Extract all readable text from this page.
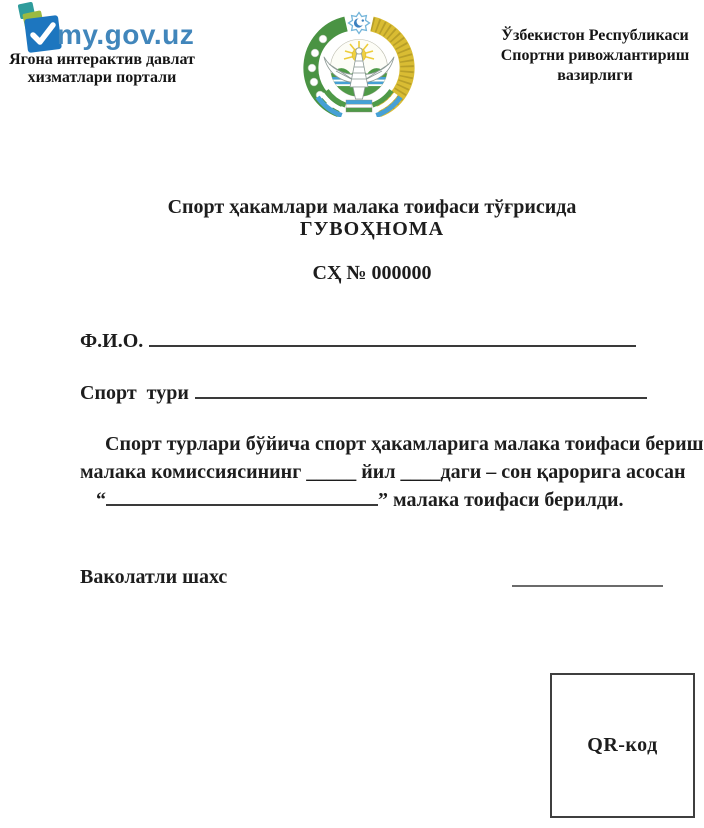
my.gov.uz
Ягона интерактив давлат
хизматлари портали
Ўзбекистон Республикаси
Спортни ривожлантириш
вазирлиги
Спорт ҳакамлари малака тоифаси тўғрисида
ГУВОҲНОМА
СҲ № 000000
Ф.И.О.
Спорт  тури
Спорт турлари бўйича спорт ҳакамларига малака тоифаси бериш
малака комиссиясининг _____ йил ____даги – сон қарорига асосан
“	” малака тоифаси берилди.
Ваколатли шахс
QR-код
